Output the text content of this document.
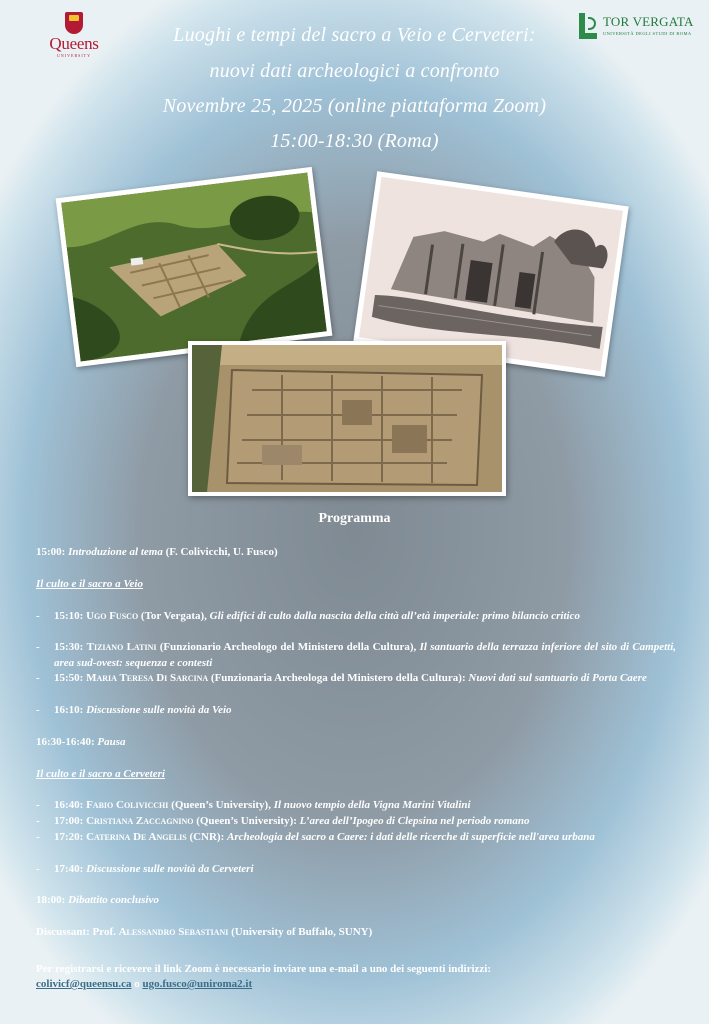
Queens
UNIVERSITY
TOR VERGATA
UNIVERSITÀ DEGLI STUDI DI ROMA
Luoghi e tempi del sacro a Veio e Cerveteri:
nuovi dati archeologici a confronto
Novembre 25, 2025 (online piattaforma Zoom)
15:00-18:30 (Roma)
Programma
15:00: Introduzione al tema (F. Colivicchi, U. Fusco)
Il culto e il sacro a Veio
- 15:10: Ugo Fusco (Tor Vergata), Gli edifici di culto dalla nascita della città all’età imperiale: primo bilancio critico
- 15:30: Tiziano Latini (Funzionario Archeologo del Ministero della Cultura), Il santuario della terrazza inferiore del sito di Campetti, area sud-ovest: sequenza e contesti
- 15:50: Maria Teresa Di Sarcina (Funzionaria Archeologa del Ministero della Cultura): Nuovi dati sul santuario di Porta Caere
- 16:10: Discussione sulle novità da Veio
16:30-16:40: Pausa
Il culto e il sacro a Cerveteri
- 16:40: Fabio Colivicchi (Queen’s University), Il nuovo tempio della Vigna Marini Vitalini
- 17:00: Cristiana Zaccagnino (Queen’s University): L’area dell’Ipogeo di Clepsina nel periodo romano
- 17:20: Caterina De Angelis (CNR): Archeologia del sacro a Caere: i dati delle ricerche di superficie nell'area urbana
- 17:40: Discussione sulle novità da Cerveteri
18:00: Dibattito conclusivo
Discussant: Prof. Alessandro Sebastiani (University of Buffalo, SUNY)
Per registrarsi e ricevere il link Zoom è necessario inviare una e-mail a uno dei seguenti indirizzi:
colivicf@queensu.ca o ugo.fusco@uniroma2.it
